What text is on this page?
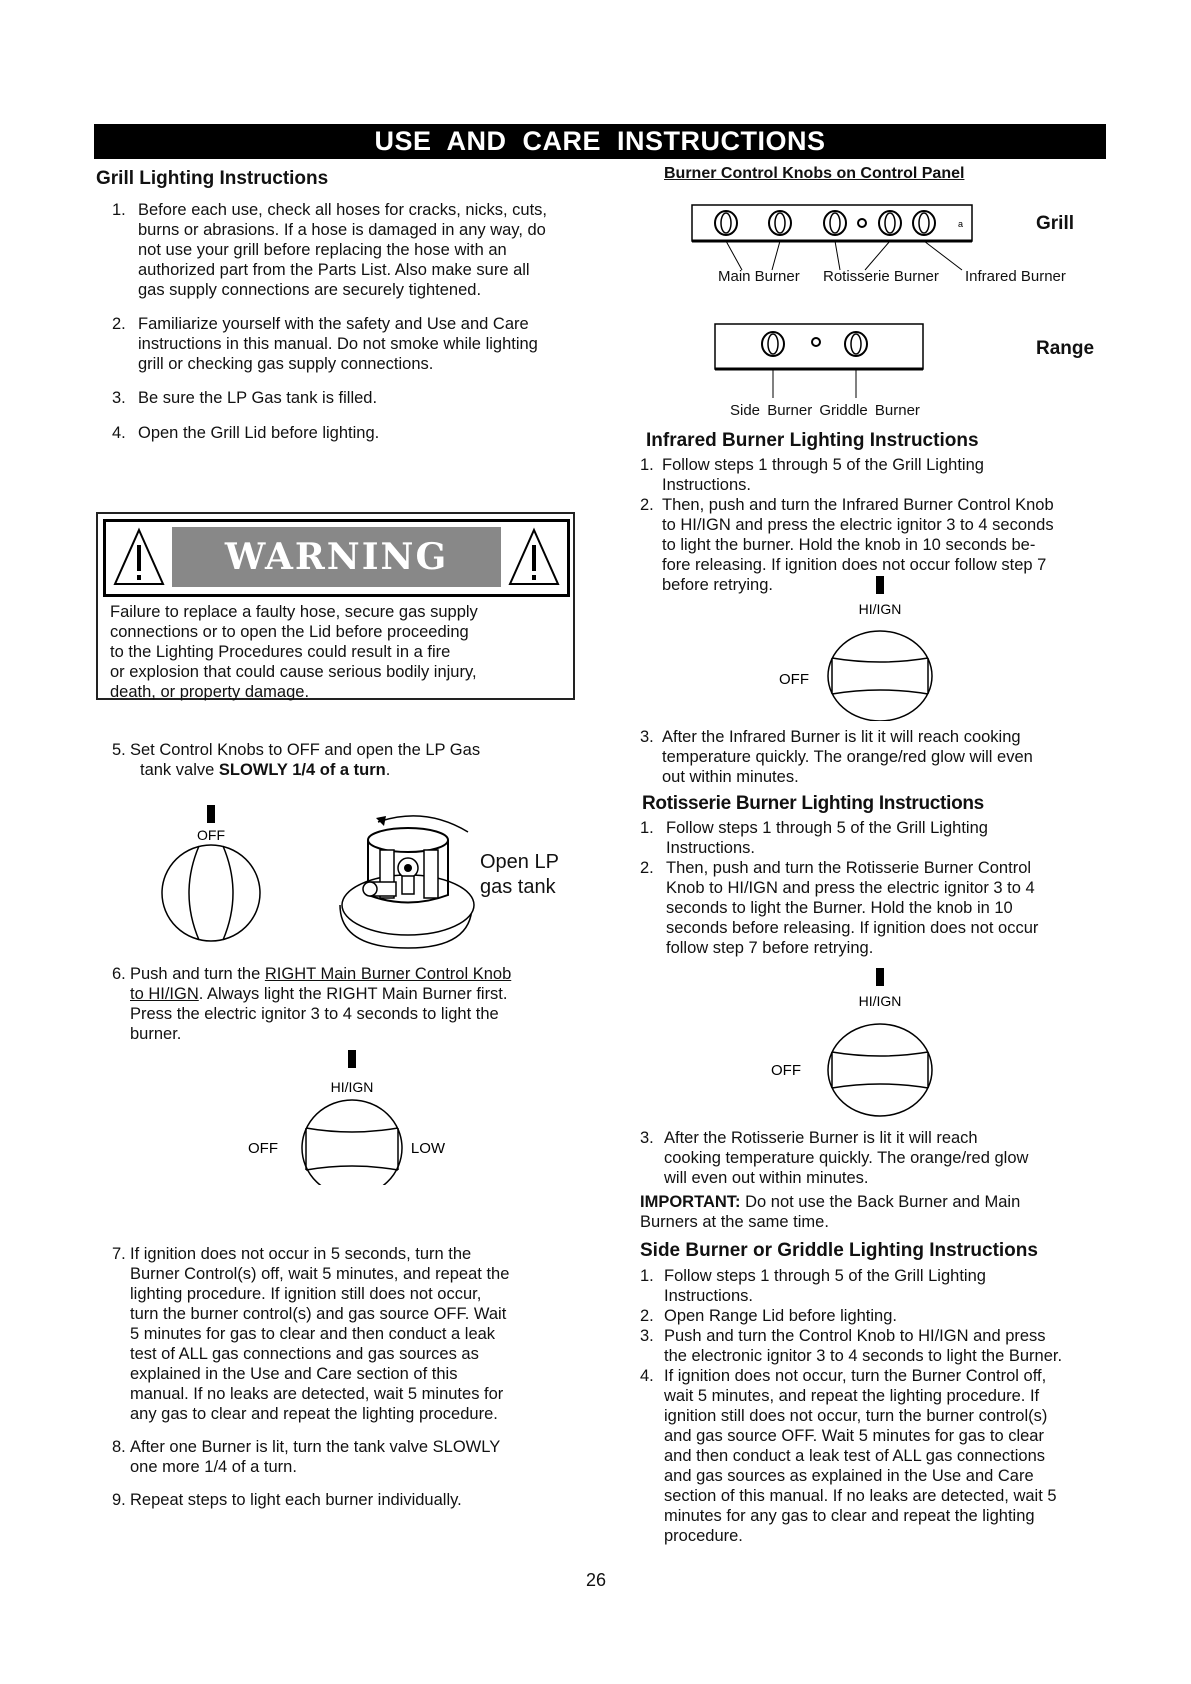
USE AND CARE INSTRUCTIONS
Grill Lighting Instructions
1. Before each use, check all hoses for cracks, nicks, cuts,
burns or abrasions. If a hose is damaged in any way, do
not use your grill before replacing the hose with an
authorized part from the Parts List. Also make sure all
gas supply connections are securely tightened.
2. Familiarize yourself with the safety and Use and Care
instructions in this manual. Do not smoke while lighting
grill or checking gas supply connections.
3. Be sure the LP Gas tank is filled.
4. Open the Grill Lid before lighting.
WARNING
Failure to replace a faulty hose, secure gas supply
connections or to open the Lid before proceeding
to the Lighting Procedures could result in a fire
or explosion that could cause serious bodily injury,
death, or property damage.
5. Set Control Knobs to OFF and open the LP Gas
tank valve SLOWLY 1/4 of a turn.
OFF
Open LP
gas tank
6. Push and turn the RIGHT Main Burner Control Knob
to HI/IGN. Always light the RIGHT Main Burner first.
Press the electric ignitor 3 to 4 seconds to light the
burner.
HI/IGN
OFF	LOW
7. If ignition does not occur in 5 seconds, turn the
Burner Control(s) off, wait 5 minutes, and repeat the
lighting procedure. If ignition still does not occur,
turn the burner control(s) and gas source OFF. Wait
5 minutes for gas to clear and then conduct a leak
test of ALL gas connections and gas sources as
explained in the Use and Care section of this
manual. If no leaks are detected, wait 5 minutes for
any gas to clear and repeat the lighting procedure.
8. After one Burner is lit, turn the tank valve SLOWLY
one more 1/4 of a turn.
9. Repeat steps to light each burner individually.
Burner Control Knobs on Control Panel
a	Grill
Main Burner Rotisserie Burner Infrared Burner
Range
Side Burner Griddle Burner
Infrared Burner Lighting Instructions
1. Follow steps 1 through 5 of the Grill Lighting
Instructions.
2. Then, push and turn the Infrared Burner Control Knob
to HI/IGN and press the electric ignitor 3 to 4 seconds
to light the burner. Hold the knob in 10 seconds be-
fore releasing. If ignition does not occur follow step 7
before retrying.
HI/IGN
OFF
3. After the Infrared Burner is lit it will reach cooking
temperature quickly. The orange/red glow will even
out within minutes.
Rotisserie Burner Lighting Instructions
1. Follow steps 1 through 5 of the Grill Lighting
Instructions.
2. Then, push and turn the Rotisserie Burner Control
Knob to HI/IGN and press the electric ignitor 3 to 4
seconds to light the Burner. Hold the knob in 10
seconds before releasing. If ignition does not occur
follow step 7 before retrying.
HI/IGN
OFF
3. After the Rotisserie Burner is lit it will reach
cooking temperature quickly. The orange/red glow
will even out within minutes.
IMPORTANT: Do not use the Back Burner and Main
Burners at the same time.
Side Burner or Griddle Lighting Instructions
1. Follow steps 1 through 5 of the Grill Lighting
Instructions.
2. Open Range Lid before lighting.
3. Push and turn the Control Knob to HI/IGN and press
the electronic ignitor 3 to 4 seconds to light the Burner.
4. If ignition does not occur, turn the Burner Control off,
wait 5 minutes, and repeat the lighting procedure. If
ignition still does not occur, turn the burner control(s)
and gas source OFF. Wait 5 minutes for gas to clear
and then conduct a leak test of ALL gas connections
and gas sources as explained in the Use and Care
section of this manual. If no leaks are detected, wait 5
minutes for any gas to clear and repeat the lighting
procedure.
26
